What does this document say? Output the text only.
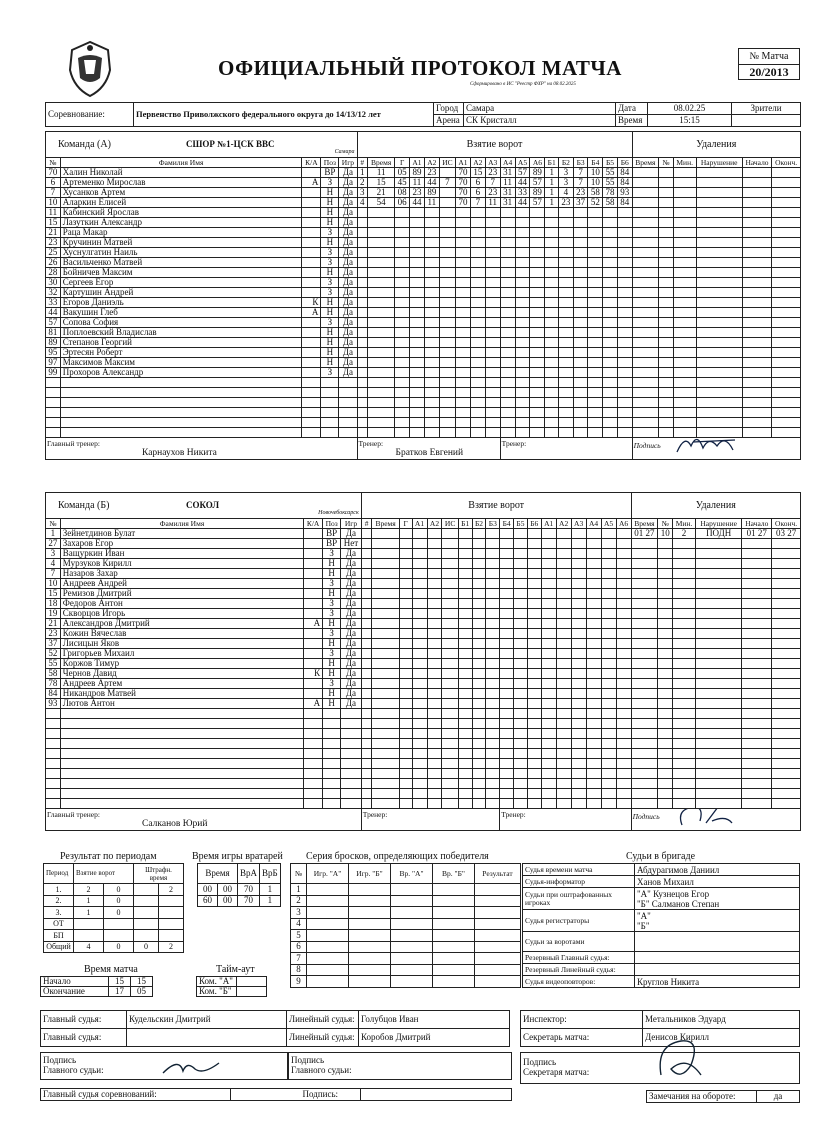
ОФИЦИАЛЬНЫЙ ПРОТОКОЛ МАТЧА
Сформировано в ИС "Реестр ФХР" на 08.02.2025
№ Матча
20/2013
Соревнование:	Первенство Приволжского федерального округа до 14/13/12 лет	Город	Самара	Дата	08.02.25	Зрители
		Арена	СК Кристалл	Время	15:15	
Команда (А) СШОР №1-ЦСК ВВС
Самара					Взятие ворот																		Удаления					
№	Фамилия Имя	К/А	Поз	Игр	#	Время	Г	А1	А2	ИС	А1	А2	А3	А4	А5	А6	Б1	Б2	Б3	Б4	Б5	Б6	Время	№	Мин.	Нарушение	Начало	Оконч.
70	Халин Николай		ВР	Да	1	11	05	89	23		70	15	23	31	57	89	1	3	7	10	55	84						
6	Артеменко Мирослав	А	З	Да	2	15	45	11	44	7	70	6	7	11	44	57	1	3	7	10	55	84						
7	Хусанков Артем		Н	Да	3	21	08	23	89		70	6	23	31	33	89	1	4	23	58	78	93						
10	Аларкин Елисей		Н	Да	4	54	06	44	11		70	7	11	31	44	57	1	23	37	52	58	84						
11	Кабинский Ярослав		Н	Да																								
15	Лазуткин Александр		Н	Да																								
21	Раца Макар		З	Да																								
23	Кручинин Матвей		Н	Да																								
25	Хуснулгатин Наиль		З	Да																								
26	Васильченко Матвей		З	Да																								
28	Бойничев Максим		Н	Да																								
30	Сергеев Егор		З	Да																								
32	Картушин Андрей		З	Да																								
33	Егоров Даниэль	К	Н	Да																								
44	Вакушин Глеб	А	Н	Да																								
57	Сопова София		З	Да																								
81	Поплоевский Владислав		Н	Да																								
89	Степанов Георгий		Н	Да																								
95	Эртесян Роберт		Н	Да																								
97	Максимов Максим		Н	Да																								
99	Прохоров Александр		З	Да																								

Главный тренер:
Карнаухов Никита					Тренер:
Братков Евгений									Тренер:									Подпись					
Команда (Б) СОКОЛ
Новочебоксарск					Взятие ворот																		Удаления					
№	Фамилия Имя	К/А	Поз	Игр	#	Время	Г	А1	А2	ИС	Б1	Б2	Б3	Б4	Б5	Б6	А1	А2	А3	А4	А5	А6	Время	№	Мин.	Нарушение	Начало	Оконч.
1	Зейнетдинов Булат		ВР	Да																			01 27	10	2	ПОДН	01 27	03 27
27	Захаров Егор		ВР	Нет																								
3	Ващуркин Иван		З	Да																								
4	Мурзуков Кирилл		Н	Да																								
7	Назаров Захар		Н	Да																								
10	Андреев Андрей		З	Да																								
15	Ремизов Дмитрий		Н	Да																								
18	Федоров Антон		З	Да																								
19	Скворцов Игорь		З	Да																								
21	Александров Дмитрий	А	Н	Да																								
23	Кожин Вячеслав		З	Да																								
37	Лисицын Яков		Н	Да																								
52	Григорьев Михаил		З	Да																								
55	Коржов Тимур		Н	Да																								
58	Чернов Давид	К	Н	Да																								
78	Андреев Артем		З	Да																								
84	Никандров Матвей		Н	Да																								
93	Лютов Антон	А	Н	Да																								

Главный тренер:
Салканов Юрий					Тренер:									Тренер:									Подпись					
Результат по периодам	Время игры вратарей Серия бросков, определяющих победителя	Судьи в бригаде
Период	Взятие ворот		Штрафн. время	
1.	2	0		2
2.	1	0		
3.	1	0		
ОТ				
БП				
Общий	4	0	0	2
Время		ВрА	ВрБ
00	00	70	1
60	00	70	1
№	Игр. "А"	Игр. "Б"	Вр. "А"	Вр. "Б"	Результат
1					
2					
3					
4					
5					
6					
7					
8					
9					
Судья времени матча	Абдурагимов Даниил
Судья-информатор	Ханов Михаил
Судьи при оштрафованных игроках	"А" Кузнецов Егор
"Б" Салманов Степан

Судья регистраторы	"А"
"Б"

Судьи за воротами	
Резервный Главный судья:	
Резервный Линейный судья:	
Судья видеоповторов:	Круглов Никита
Время матча	Тайм-аут
Начало	15	15
Окончание	17	05
Ком. "А"	
Ком. "Б"	
Главный судья:	Кудельскин Дмитрий	Линейный судья:	Голубцов Иван
Главный судья:		Линейный судья:	Коробов Дмитрий
Инспектор:	Метальников Эдуард
Секретарь матча:	Денисов Кирилл
Подпись
Главного судьи:
Подпись
Главного судьи:
Подпись
Секретаря матча:
Главный судья соревнований:		Подпись:		Замечания на обороте:	да
